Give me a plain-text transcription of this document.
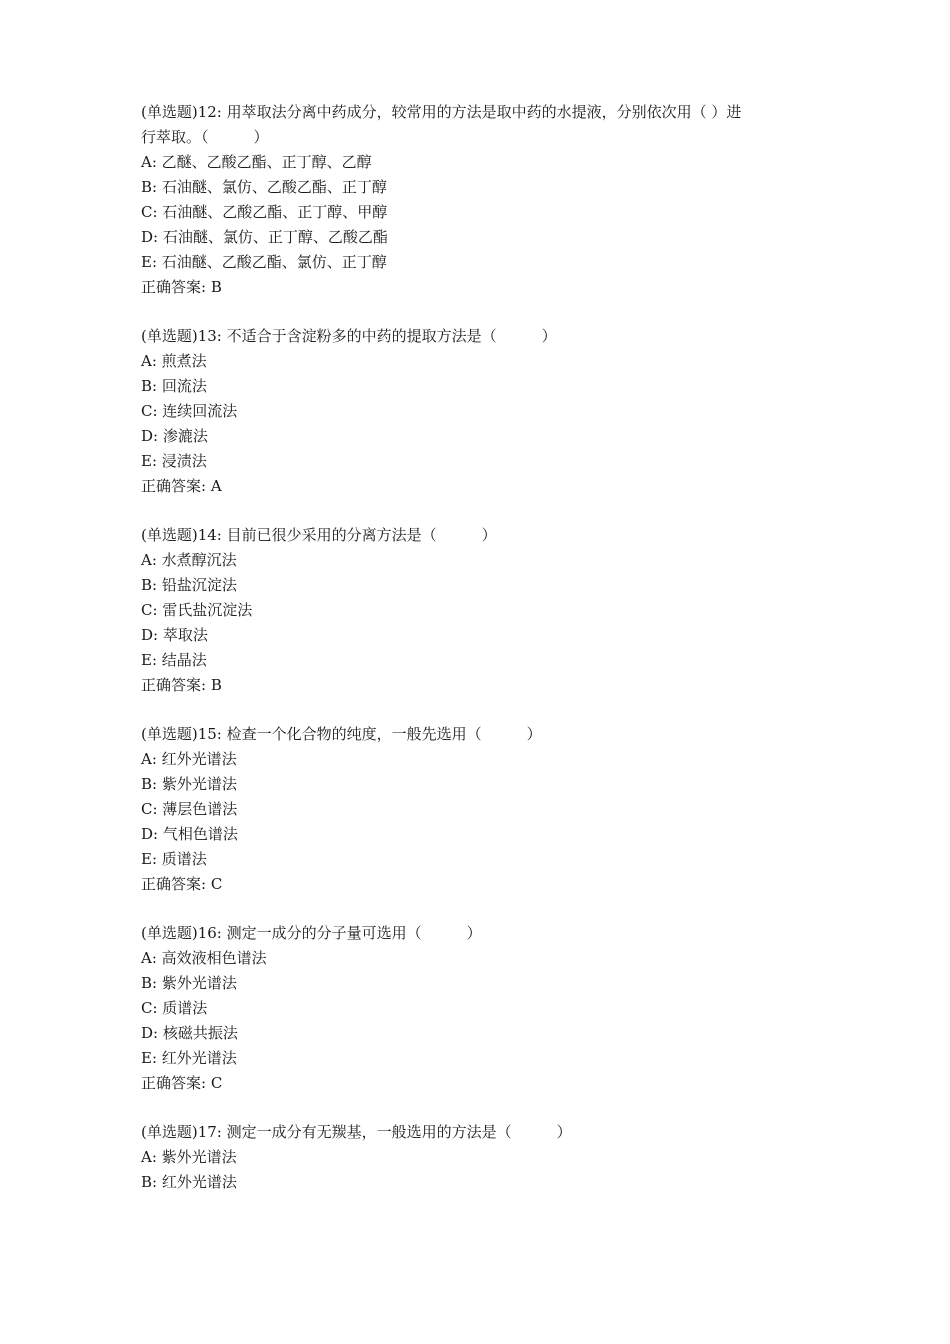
(单选题)12: 用萃取法分离中药成分，较常用的方法是取中药的水提液，分别依次用（ ）进
行萃取。（　　　）
A: 乙醚、乙酸乙酯、正丁醇、乙醇
B: 石油醚、氯仿、乙酸乙酯、正丁醇
C: 石油醚、乙酸乙酯、正丁醇、甲醇
D: 石油醚、氯仿、正丁醇、乙酸乙酯
E: 石油醚、乙酸乙酯、氯仿、正丁醇
正确答案: B
(单选题)13: 不适合于含淀粉多的中药的提取方法是（　　　）
A: 煎煮法
B: 回流法
C: 连续回流法
D: 渗漉法
E: 浸渍法
正确答案: A
(单选题)14: 目前已很少采用的分离方法是（　　　）
A: 水煮醇沉法
B: 铅盐沉淀法
C: 雷氏盐沉淀法
D: 萃取法
E: 结晶法
正确答案: B
(单选题)15: 检查一个化合物的纯度，一般先选用（　　　）
A: 红外光谱法
B: 紫外光谱法
C: 薄层色谱法
D: 气相色谱法
E: 质谱法
正确答案: C
(单选题)16: 测定一成分的分子量可选用（　　　）
A: 高效液相色谱法
B: 紫外光谱法
C: 质谱法
D: 核磁共振法
E: 红外光谱法
正确答案: C
(单选题)17: 测定一成分有无羰基，一般选用的方法是（　　　）
A: 紫外光谱法
B: 红外光谱法
